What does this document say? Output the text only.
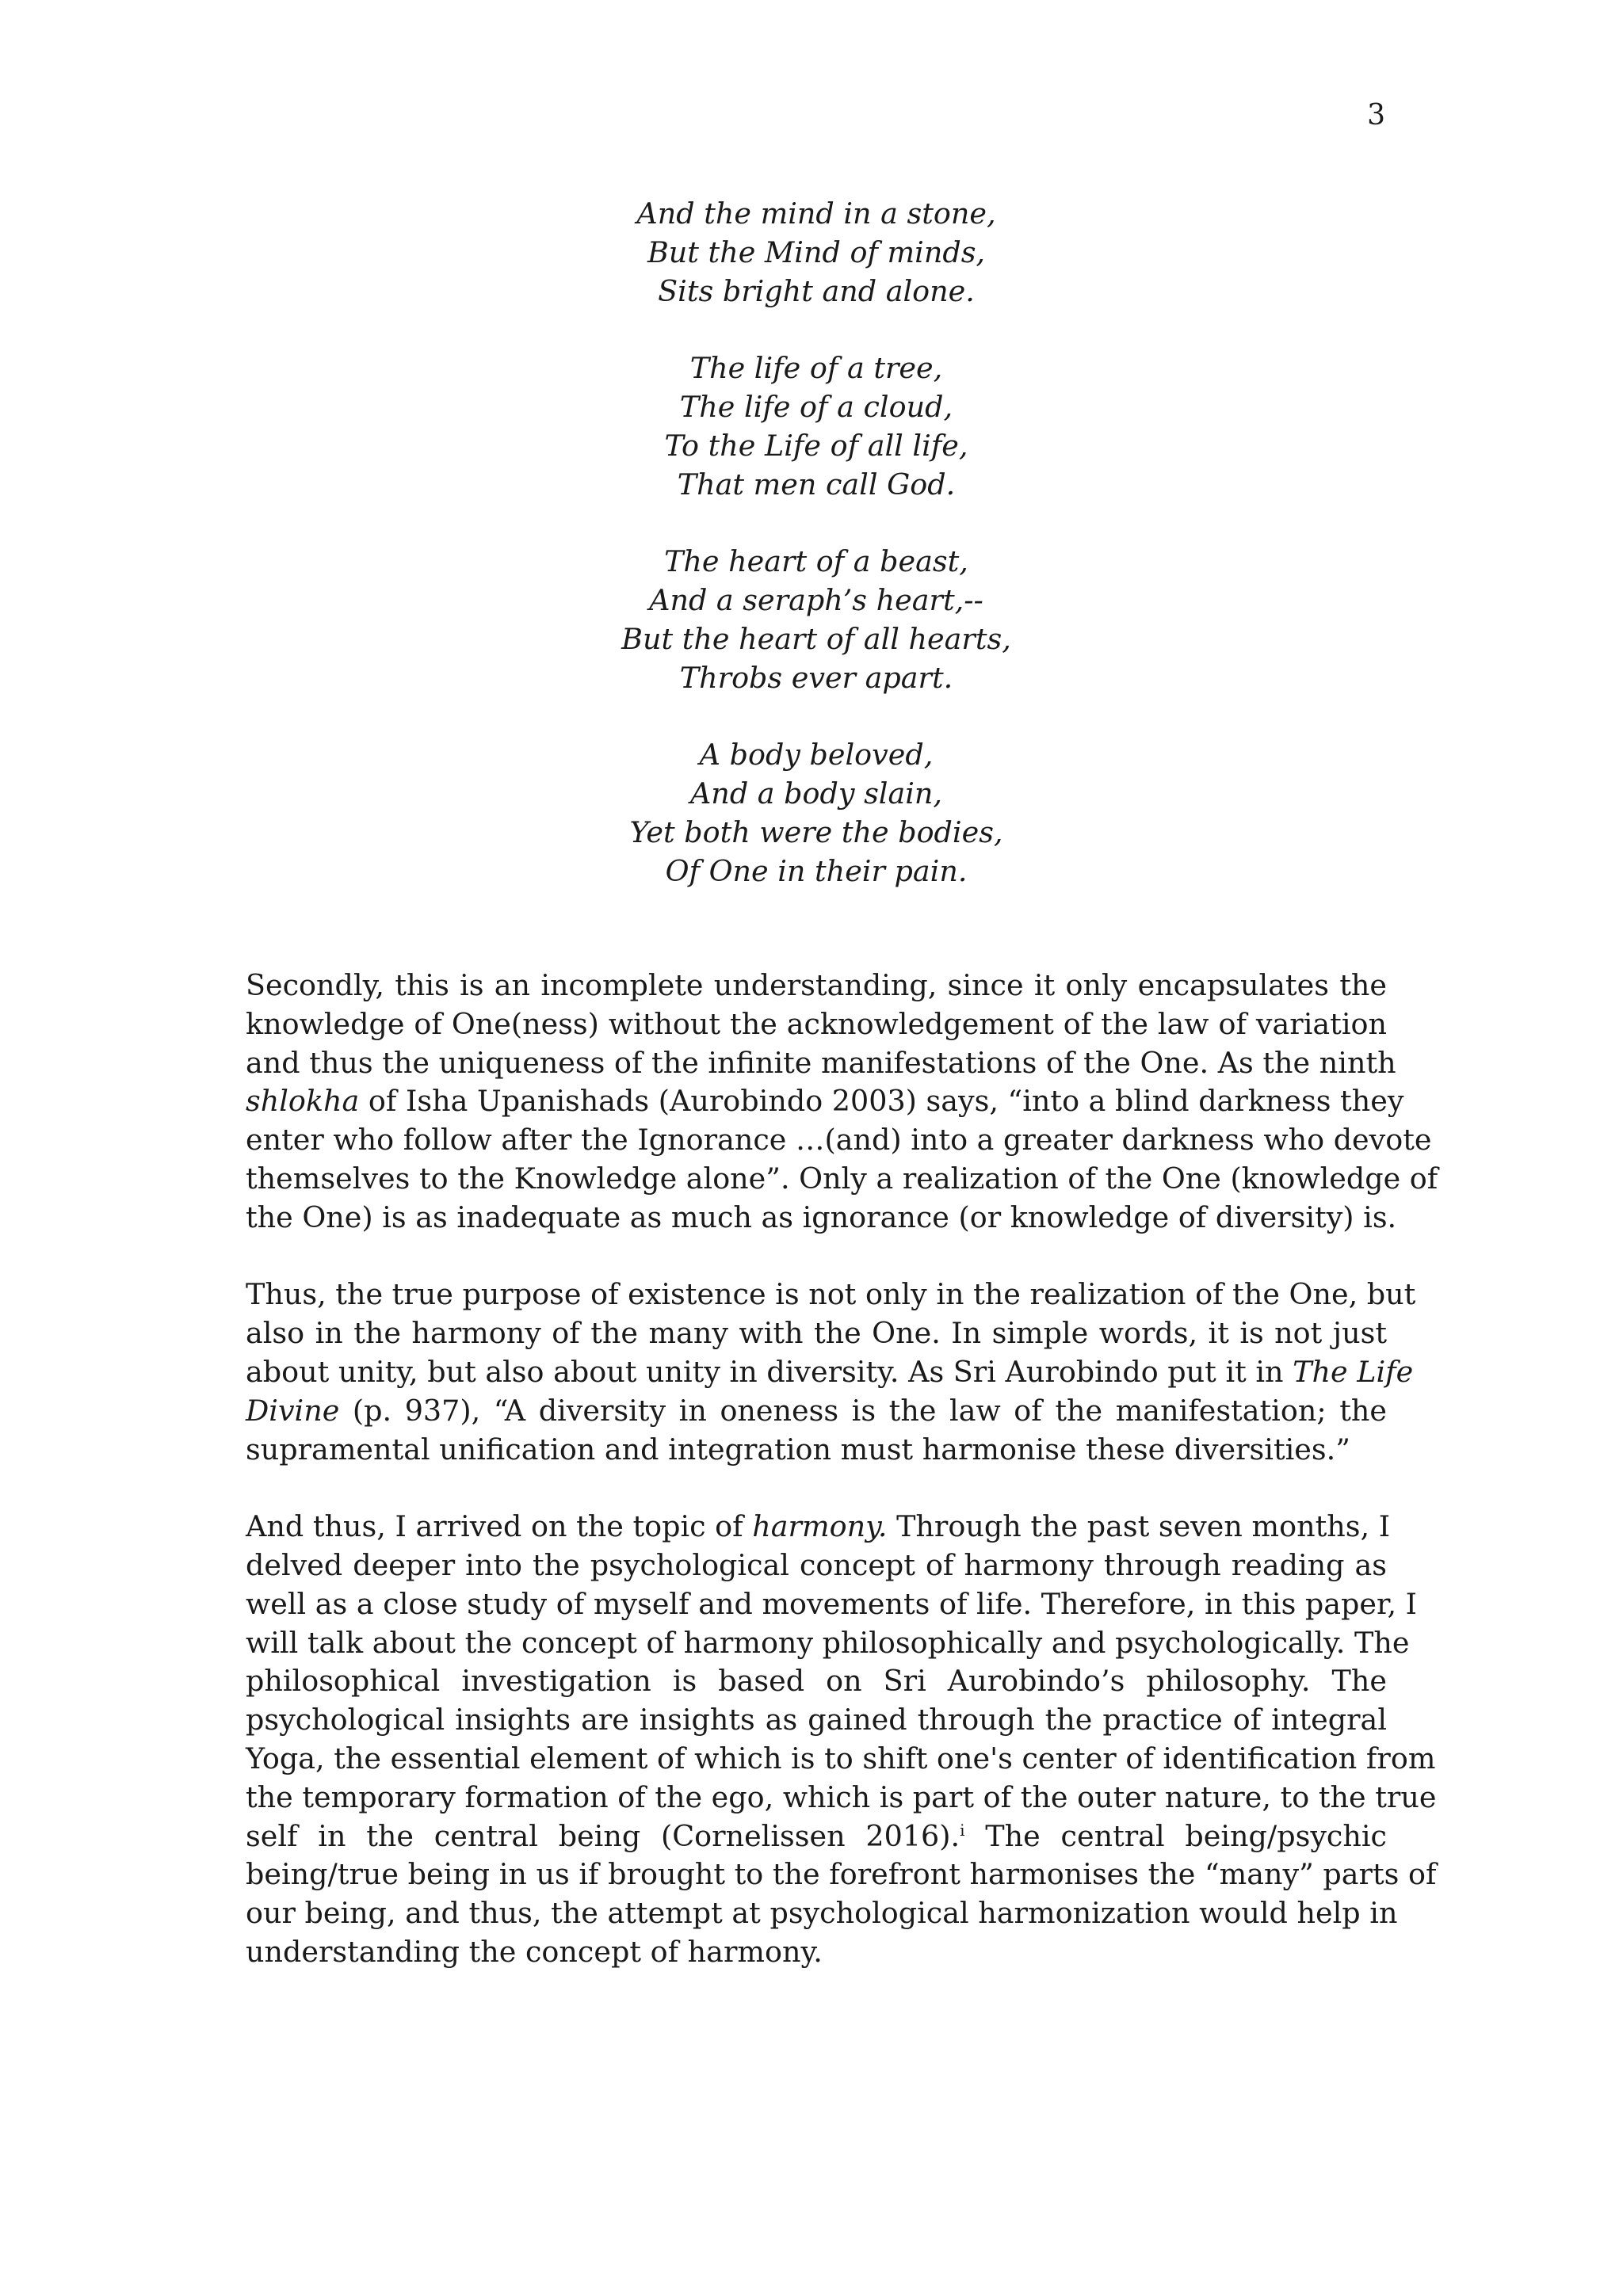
3
And the mind in a stone,
But the Mind of minds,
Sits bright and alone.
The life of a tree,
The life of a cloud,
To the Life of all life,
That men call God.
The heart of a beast,
And a seraph’s heart,--
But the heart of all hearts,
Throbs ever apart.
A body beloved,
And a body slain,
Yet both were the bodies,
Of One in their pain.
Secondly, this is an incomplete understanding, since it only encapsulates the
knowledge of One(ness) without the acknowledgement of the law of variation
and thus the uniqueness of the infinite manifestations of the One. As the ninth
shlokha of Isha Upanishads (Aurobindo 2003) says, “into a blind darkness they
enter who follow after the Ignorance …(and) into a greater darkness who devote
themselves to the Knowledge alone”. Only a realization of the One (knowledge of
the One) is as inadequate as much as ignorance (or knowledge of diversity) is.
Thus, the true purpose of existence is not only in the realization of the One, but
also in the harmony of the many with the One. In simple words, it is not just
about unity, but also about unity in diversity. As Sri Aurobindo put it in The Life
Divine (p. 937), “A diversity in oneness is the law of the manifestation; the
supramental unification and integration must harmonise these diversities.”
And thus, I arrived on the topic of harmony. Through the past seven months, I
delved deeper into the psychological concept of harmony through reading as
well as a close study of myself and movements of life. Therefore, in this paper, I
will talk about the concept of harmony philosophically and psychologically. The
philosophical investigation is based on Sri Aurobindo’s philosophy. The
psychological insights are insights as gained through the practice of integral
Yoga, the essential element of which is to shift one's center of identification from
the temporary formation of the ego, which is part of the outer nature, to the true
self in the central being (Cornelissen 2016).$^i$ The central being/psychic
being/true being in us if brought to the forefront harmonises the “many” parts of
our being, and thus, the attempt at psychological harmonization would help in
understanding the concept of harmony.
